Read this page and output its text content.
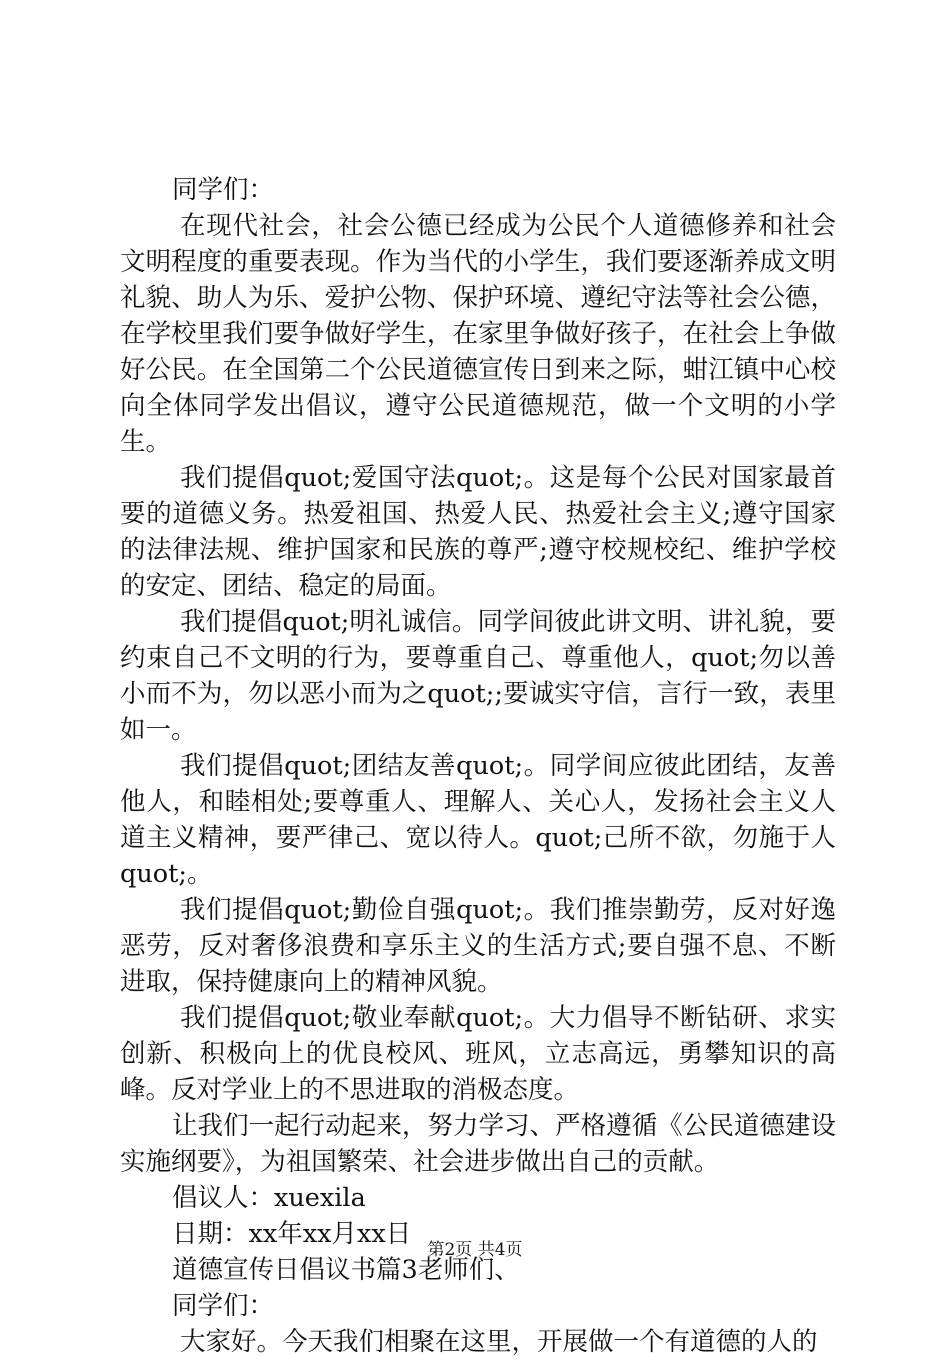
同学们：

在现代社会，社会公德已经成为公民个人道德修养和社会文明程度的重要表现。作为当代的小学生，我们要逐渐养成文明礼貌、助人为乐、爱护公物、保护环境、遵纪守法等社会公德，在学校里我们要争做好学生，在家里争做好孩子，在社会上争做好公民。在全国第二个公民道德宣传日到来之际，蚶江镇中心校向全体同学发出倡议，遵守公民道德规范，做一个文明的小学生。

我们提倡quot;爱国守法quot;。这是每个公民对国家最首要的道德义务。热爱祖国、热爱人民、热爱社会主义;遵守国家的法律法规、维护国家和民族的尊严;遵守校规校纪、维护学校的安定、团结、稳定的局面。

我们提倡quot;明礼诚信。同学间彼此讲文明、讲礼貌，要约束自己不文明的行为，要尊重自己、尊重他人，quot;勿以善小而不为，勿以恶小而为之quot;;要诚实守信，言行一致，表里如一。

我们提倡quot;团结友善quot;。同学间应彼此团结，友善他人，和睦相处;要尊重人、理解人、关心人，发扬社会主义人道主义精神，要严律己、宽以待人。quot;己所不欲，勿施于人quot;。

我们提倡quot;勤俭自强quot;。我们推崇勤劳，反对好逸恶劳，反对奢侈浪费和享乐主义的生活方式;要自强不息、不断进取，保持健康向上的精神风貌。

我们提倡quot;敬业奉献quot;。大力倡导不断钻研、求实创新、积极向上的优良校风、班风，立志高远，勇攀知识的高峰。反对学业上的不思进取的消极态度。

让我们一起行动起来，努力学习、严格遵循《公民道德建设实施纲要》，为祖国繁荣、社会进步做出自己的贡献。

倡议人：xuexila

日期：xx年xx月xx日

道德宣传日倡议书篇3老师们、

同学们：

大家好。今天我们相聚在这里，开展做一个有道德的人的

第2页 共4页
